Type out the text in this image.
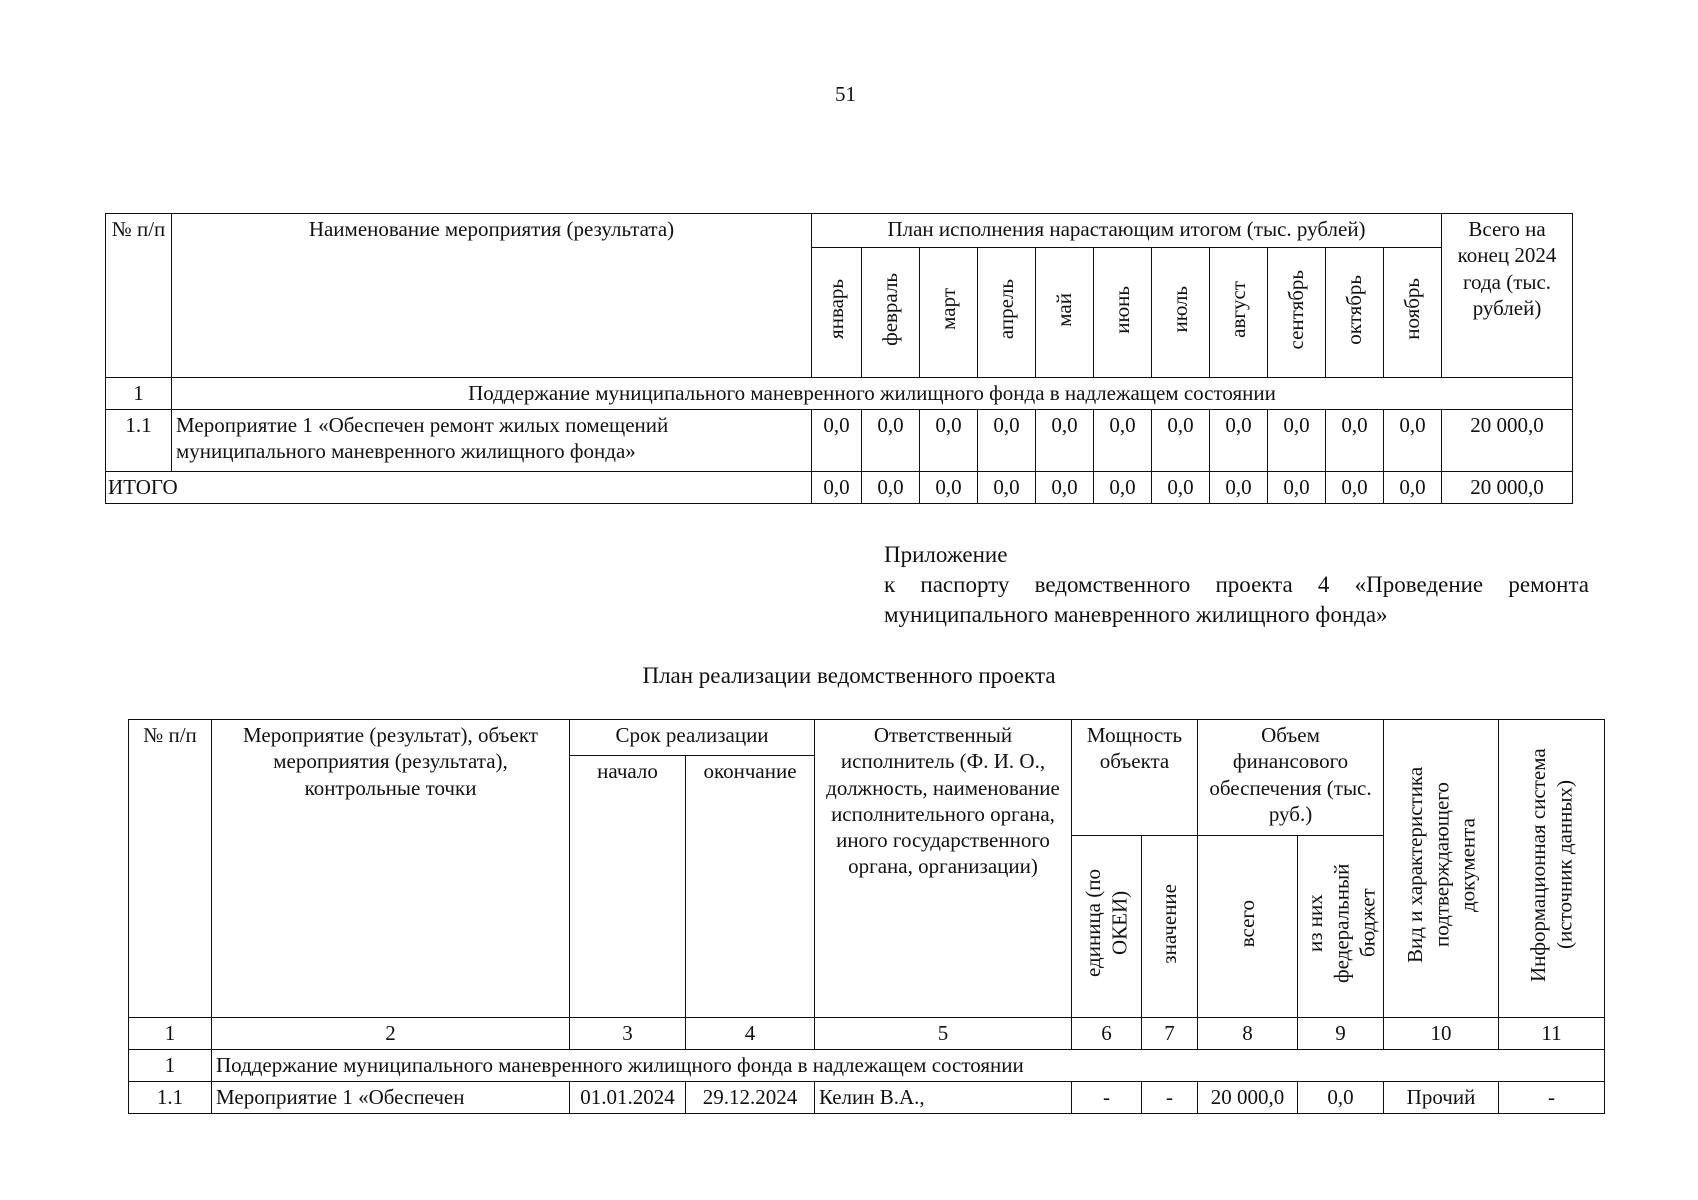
51
№ п/п	Наименование мероприятия (результата)	План исполнения нарастающим итогом (тыс. рублей)											Всего на конец 2024 года (тыс. рублей)
		январь	февраль	март	апрель	май	июнь	июль	август	сентябрь	октябрь	ноябрь	
1	Поддержание муниципального маневренного жилищного фонда в надлежащем состоянии												
1.1	Мероприятие 1 «Обеспечен ремонт жилых помещений муниципального маневренного жилищного фонда»	0,0	0,0	0,0	0,0	0,0	0,0	0,0	0,0	0,0	0,0	0,0	20 000,0
ИТОГО		0,0	0,0	0,0	0,0	0,0	0,0	0,0	0,0	0,0	0,0	0,0	20 000,0
Приложение
к паспорту ведомственного проекта 4 «Проведение ремонта
муниципального маневренного жилищного фонда»
План реализации ведомственного проекта
№ п/п	Мероприятие (результат), объект мероприятия (результата), контрольные точки	Срок реализации		Ответственный исполнитель (Ф. И. О., должность, наименование исполнительного органа, иного государственного органа, организации)	Мощность объекта		Объем финансового обеспечения (тыс. руб.)		Вид и характеристика подтверждающего документа	Информационная система (источник данных)
		начало	окончание							
					единица (по ОКЕИ)	значение	всего	из них федеральный бюджет		
1	2	3	4	5	6	7	8	9	10	11
1	Поддержание муниципального маневренного жилищного фонда в надлежащем состоянии									
1.1	Мероприятие 1 «Обеспечен	01.01.2024	29.12.2024	Келин В.А.,	-	-	20 000,0	0,0	Прочий	-
